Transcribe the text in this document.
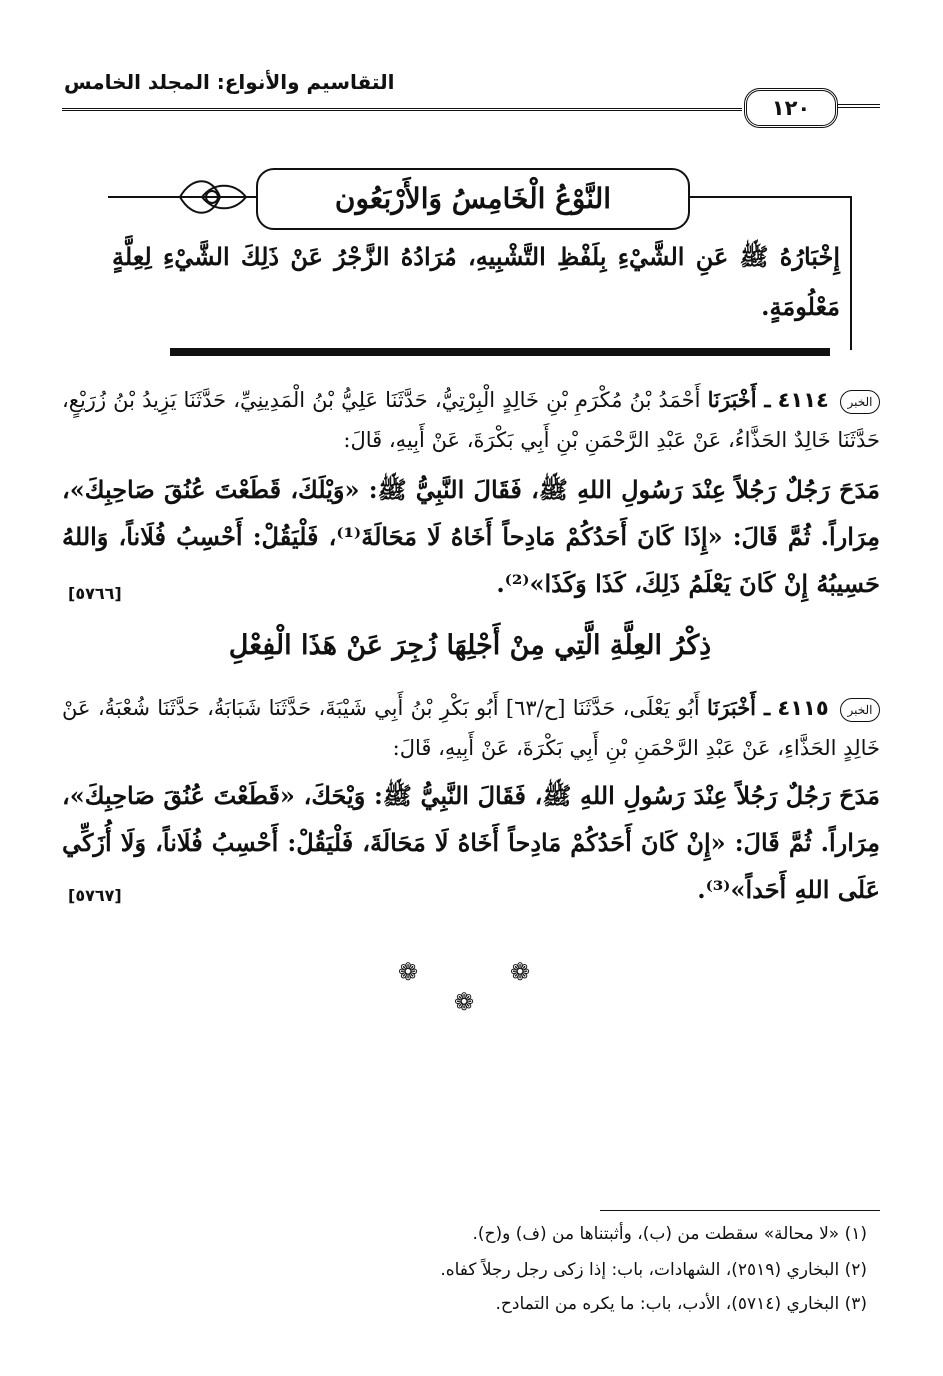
التقاسيم والأنواع: المجلد الخامس
١٢٠
النَّوْعُ الْخَامِسُ وَالأَرْبَعُون
إِخْبَارُهُ ﷺ عَنِ الشَّيْءِ بِلَفْظِ التَّشْبِيهِ، مُرَادُهُ الزَّجْرُ عَنْ ذَلِكَ الشَّيْءِ لِعِلَّةٍ مَعْلُومَةٍ.
الخبر ٤١١٤ ـ أَخْبَرَنَا أَحْمَدُ بْنُ مُكْرَمِ بْنِ خَالِدٍ الْبِرْتِيُّ، حَدَّثَنَا عَلِيُّ بْنُ الْمَدِينِيِّ، حَدَّثَنَا يَزِيدُ بْنُ زُرَيْعٍ، حَدَّثَنَا خَالِدٌ الحَذَّاءُ، عَنْ عَبْدِ الرَّحْمَنِ بْنِ أَبِي بَكْرَةَ، عَنْ أَبِيهِ، قَالَ:
مَدَحَ رَجُلٌ رَجُلاً عِنْدَ رَسُولِ اللهِ ﷺ، فَقَالَ النَّبِيُّ ﷺ: «وَيْلَكَ، قَطَعْتَ عُنُقَ صَاحِبِكَ»، مِرَاراً. ثُمَّ قَالَ: «إِذَا كَانَ أَحَدُكُمْ مَادِحاً أَخَاهُ لَا مَحَالَةَ⁽¹⁾، فَلْيَقُلْ: أَحْسِبُ فُلَاناً، وَاللهُ حَسِيبُهُ إِنْ كَانَ يَعْلَمُ ذَلِكَ، كَذَا وَكَذَا»⁽²⁾.
[٥٧٦٦]
ذِكْرُ العِلَّةِ الَّتِي مِنْ أَجْلِهَا زُجِرَ عَنْ هَذَا الْفِعْلِ
الخبر ٤١١٥ ـ أَخْبَرَنَا أَبُو يَعْلَى، حَدَّثَنَا [ح/٦٣] أَبُو بَكْرِ بْنُ أَبِي شَيْبَةَ، حَدَّثَنَا شَبَابَةُ، حَدَّثَنَا شُعْبَةُ، عَنْ خَالِدٍ الحَذَّاءِ، عَنْ عَبْدِ الرَّحْمَنِ بْنِ أَبِي بَكْرَةَ، عَنْ أَبِيهِ، قَالَ:
مَدَحَ رَجُلٌ رَجُلاً عِنْدَ رَسُولِ اللهِ ﷺ، فَقَالَ النَّبِيُّ ﷺ: وَيْحَكَ، «قَطَعْتَ عُنُقَ صَاحِبِكَ»، مِرَاراً. ثُمَّ قَالَ: «إِنْ كَانَ أَحَدُكُمْ مَادِحاً أَخَاهُ لَا مَحَالَةَ، فَلْيَقُلْ: أَحْسِبُ فُلَاناً، وَلَا أُزَكِّي عَلَى اللهِ أَحَداً»⁽³⁾.
[٥٧٦٧]
❁	❁
❁
(١) «لا محالة» سقطت من (ب)، وأثبتناها من (ف) و(ح).
(٢) البخاري (٢٥١٩)، الشهادات، باب: إذا زكى رجل رجلاً كفاه.
(٣) البخاري (٥٧١٤)، الأدب، باب: ما يكره من التمادح.
